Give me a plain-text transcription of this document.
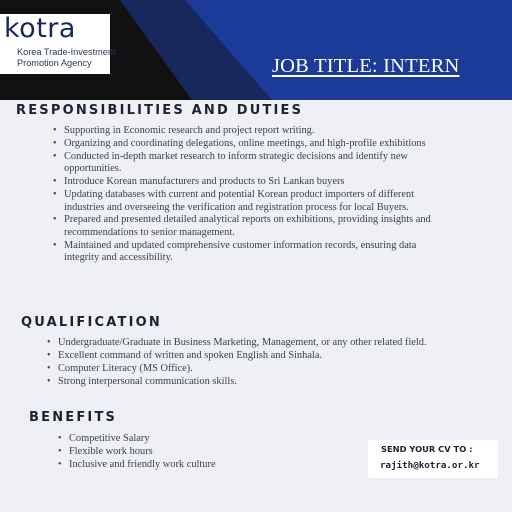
kotra
Korea Trade-Investment
Promotion Agency	JOB TITLE: INTERN
RESPONSIBILITIES AND DUTIES
• Supporting in Economic research and project report writing.
• Organizing and coordinating delegations, online meetings, and high-profile exhibitions
• Conducted in-depth market research to inform strategic decisions and identify new opportunities.
• Introduce Korean manufacturers and products to Sri Lankan buyers
• Updating databases with current and potential Korean product importers of different industries and overseeing the verification and registration process for local Buyers.
• Prepared and presented detailed analytical reports on exhibitions, providing insights and recommendations to senior management.
• Maintained and updated comprehensive customer information records, ensuring data integrity and accessibility.
QUALIFICATION
• Undergraduate/Graduate in Business Marketing, Management, or any other related field.
• Excellent command of written and spoken English and Sinhala.
• Computer Literacy (MS Office).
• Strong interpersonal communication skills.
BENEFITS
• Competitive Salary
• Flexible work hours
• Inclusive and friendly work culture
SEND YOUR CV TO :
rajith@kotra.or.kr
